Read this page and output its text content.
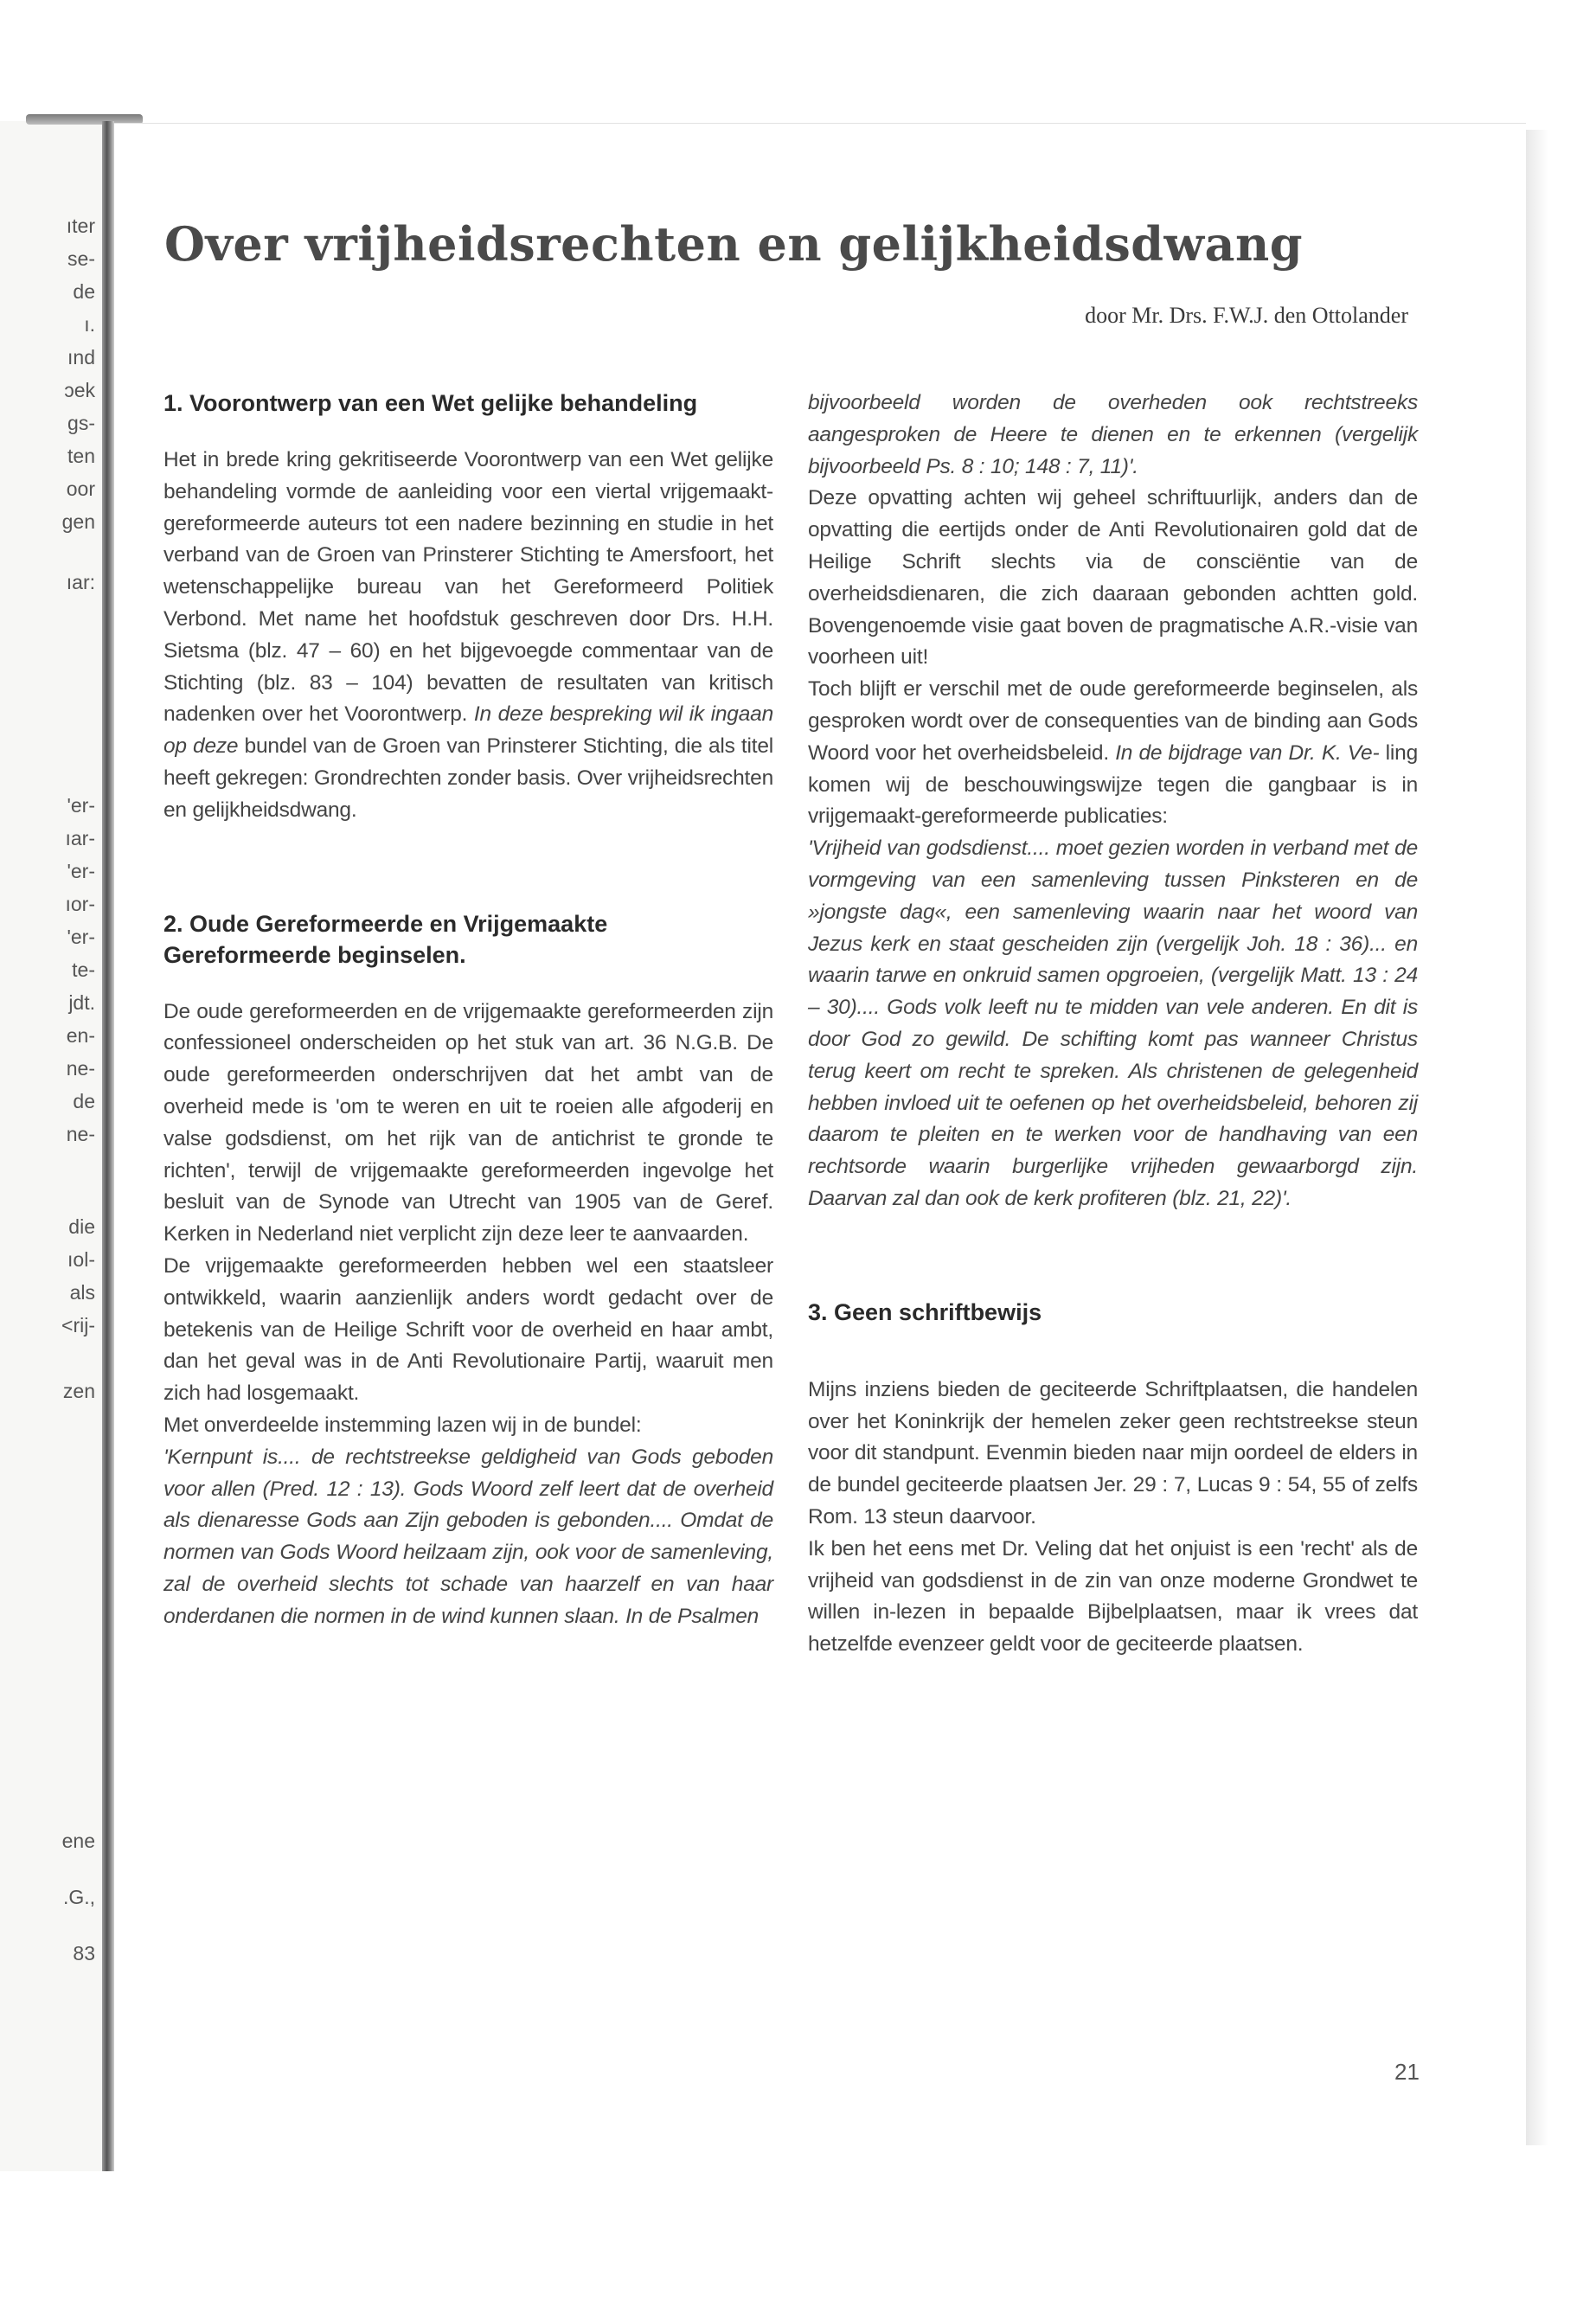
ıter
se-
de
ı.
ınd
ɔek
gs-
ten
oor
gen
ıar:
'er-
ıar-
'er-
ıor-
'er-
te-
jdt.
en-
ne-
de
ne-
die
ıol-
als
<rij-
zen
ene
.G.,
83
Over vrijheidsrechten en gelijkheidsdwang

door Mr. Drs. F.W.J. den Ottolander

1. Voorontwerp van een Wet gelijke behandeling

Het in brede kring gekritiseerde Voorontwerp van een Wet gelijke behandeling vormde de aanleiding voor een viertal vrijgemaakt-gereformeerde auteurs tot een nadere bezinning en studie in het verband van de Groen van Prinsterer Stichting te Amersfoort, het wetenschappelijke bureau van het Gereformeerd Politiek Verbond. Met name het hoofdstuk geschreven door Drs. H.H. Sietsma (blz. 47 – 60) en het bijgevoegde commentaar van de Stichting (blz. 83 – 104) bevatten de resultaten van kritisch nadenken over het Voorontwerp. In deze bespreking wil ik ingaan op deze bundel van de Groen van Prinsterer Stichting, die als titel heeft gekregen: Grondrechten zonder basis. Over vrijheidsrechten en gelijkheidsdwang.

2. Oude Gereformeerde en Vrijgemaakte Gereformeerde beginselen.

De oude gereformeerden en de vrijgemaakte gereformeerden zijn confessioneel onderscheiden op het stuk van art. 36 N.G.B. De oude gereformeerden onderschrijven dat het ambt van de overheid mede is 'om te weren en uit te roeien alle afgoderij en valse godsdienst, om het rijk van de antichrist te gronde te richten', terwijl de vrijgemaakte gereformeerden ingevolge het besluit van de Synode van Utrecht van 1905 van de Geref. Kerken in Nederland niet verplicht zijn deze leer te aanvaarden.

De vrijgemaakte gereformeerden hebben wel een staatsleer ontwikkeld, waarin aanzienlijk anders wordt gedacht over de betekenis van de Heilige Schrift voor de overheid en haar ambt, dan het geval was in de Anti Revolutionaire Partij, waaruit men zich had losgemaakt.

Met onverdeelde instemming lazen wij in de bundel:

'Kernpunt is.... de rechtstreekse geldigheid van Gods geboden voor allen (Pred. 12 : 13). Gods Woord zelf leert dat de overheid als dienaresse Gods aan Zijn geboden is gebonden.... Omdat de normen van Gods Woord heilzaam zijn, ook voor de samenleving, zal de overheid slechts tot schade van haarzelf en van haar onderdanen die normen in de wind kunnen slaan. In de Psalmen

bijvoorbeeld worden de overheden ook rechtstreeks aangesproken de Heere te dienen en te erkennen (vergelijk bijvoorbeeld Ps. 8 : 10; 148 : 7, 11)'.

Deze opvatting achten wij geheel schriftuurlijk, anders dan de opvatting die eertijds onder de Anti Revolutionairen gold dat de Heilige Schrift slechts via de consciëntie van de overheidsdienaren, die zich daaraan gebonden achtten gold. Bovengenoemde visie gaat boven de pragmatische A.R.-visie van voorheen uit!

Toch blijft er verschil met de oude gereformeerde beginselen, als gesproken wordt over de consequenties van de binding aan Gods Woord voor het overheidsbeleid. In de bijdrage van Dr. K. Ve- ling komen wij de beschouwingswijze tegen die gangbaar is in vrijgemaakt-gereformeerde publicaties:

'Vrijheid van godsdienst.... moet gezien worden in verband met de vormgeving van een samenleving tussen Pinksteren en de »jongste dag«, een samenleving waarin naar het woord van Jezus kerk en staat gescheiden zijn (vergelijk Joh. 18 : 36)... en waarin tarwe en onkruid samen opgroeien, (vergelijk Matt. 13 : 24 – 30).... Gods volk leeft nu te midden van vele anderen. En dit is door God zo gewild. De schifting komt pas wanneer Christus terug keert om recht te spreken. Als christenen de gelegenheid hebben invloed uit te oefenen op het overheidsbeleid, behoren zij daarom te pleiten en te werken voor de handhaving van een rechtsorde waarin burgerlijke vrijheden gewaarborgd zijn. Daarvan zal dan ook de kerk profiteren (blz. 21, 22)'.

3. Geen schriftbewijs

Mijns inziens bieden de geciteerde Schriftplaatsen, die handelen over het Koninkrijk der hemelen zeker geen rechtstreekse steun voor dit standpunt. Evenmin bieden naar mijn oordeel de elders in de bundel geciteerde plaatsen Jer. 29 : 7, Lucas 9 : 54, 55 of zelfs Rom. 13 steun daarvoor.

Ik ben het eens met Dr. Veling dat het onjuist is een 'recht' als de vrijheid van godsdienst in de zin van onze moderne Grondwet te willen in-lezen in bepaalde Bijbelplaatsen, maar ik vrees dat hetzelfde evenzeer geldt voor de geciteerde plaatsen.

21
